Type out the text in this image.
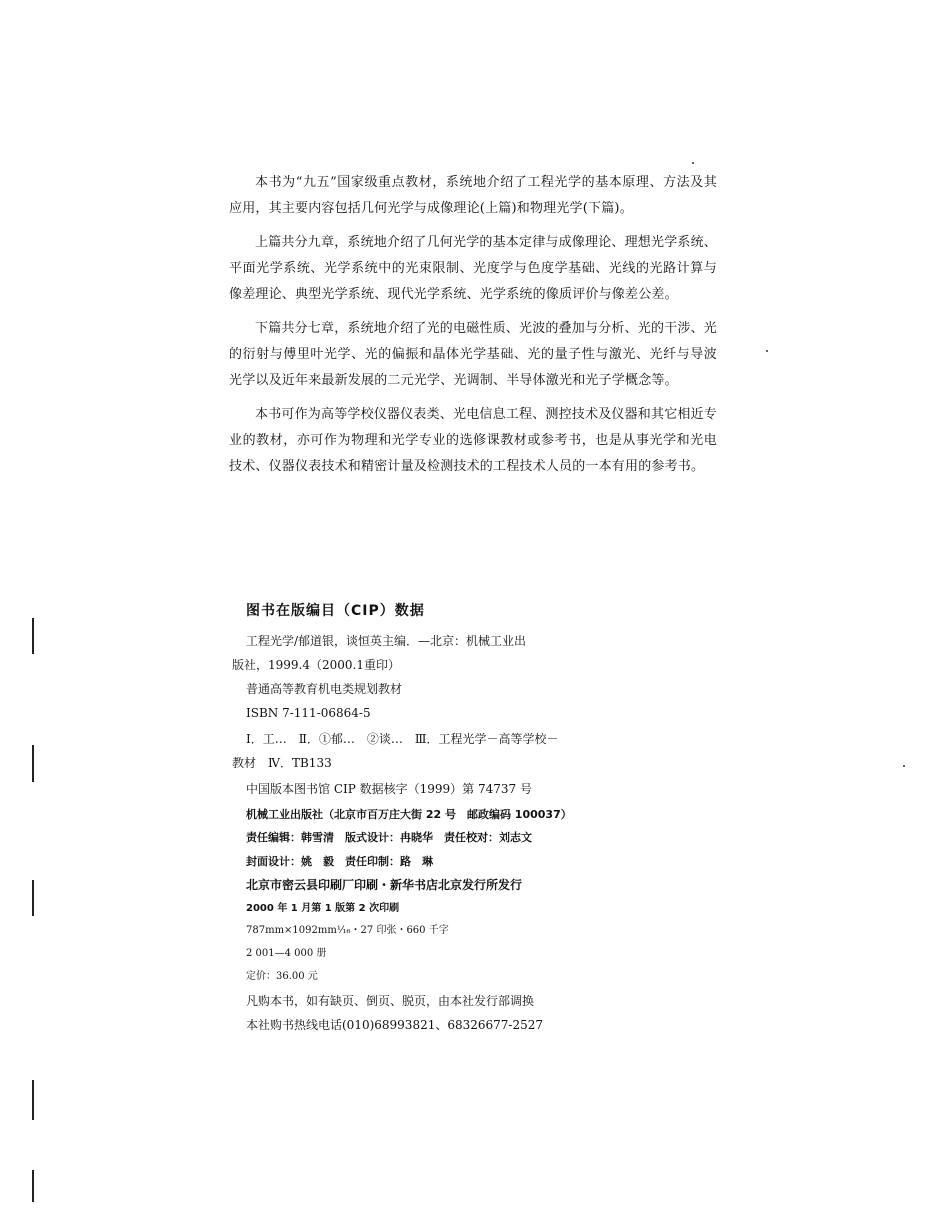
本书为“九五”国家级重点教材，系统地介绍了工程光学的基本原理、方法及其应用，其主要内容包括几何光学与成像理论(上篇)和物理光学(下篇)。

上篇共分九章，系统地介绍了几何光学的基本定律与成像理论、理想光学系统、平面光学系统、光学系统中的光束限制、光度学与色度学基础、光线的光路计算与像差理论、典型光学系统、现代光学系统、光学系统的像质评价与像差公差。

下篇共分七章，系统地介绍了光的电磁性质、光波的叠加与分析、光的干涉、光的衍射与傅里叶光学、光的偏振和晶体光学基础、光的量子性与激光、光纤与导波光学以及近年来最新发展的二元光学、光调制、半导体激光和光子学概念等。

本书可作为高等学校仪器仪表类、光电信息工程、测控技术及仪器和其它相近专业的教材，亦可作为物理和光学专业的选修课教材或参考书，也是从事光学和光电技术、仪器仪表技术和精密计量及检测技术的工程技术人员的一本有用的参考书。

图书在版编目（CIP）数据
工程光学/郁道银，谈恒英主编．—北京：机械工业出
版社，1999.4（2000.1重印）
普通高等教育机电类规划教材
ISBN 7-111-06864-5
Ⅰ．工…　Ⅱ．①郁…　②谈…　Ⅲ．工程光学－高等学校－
教材　Ⅳ．TB133
中国版本图书馆 CIP 数据核字（1999）第 74737 号
机械工业出版社（北京市百万庄大街 22 号　邮政编码 100037）
责任编辑：韩雪清　版式设计：冉晓华　责任校对：刘志文
封面设计：姚　毅　责任印制：路　琳
北京市密云县印刷厂印刷・新华书店北京发行所发行
2000 年 1 月第 1 版第 2 次印刷
787mm×1092mm¹⁄₁₆・27 印张・660 千字
2 001—4 000 册
定价：36.00 元
凡购本书，如有缺页、倒页、脱页，由本社发行部调换
本社购书热线电话(010)68993821、68326677-2527
